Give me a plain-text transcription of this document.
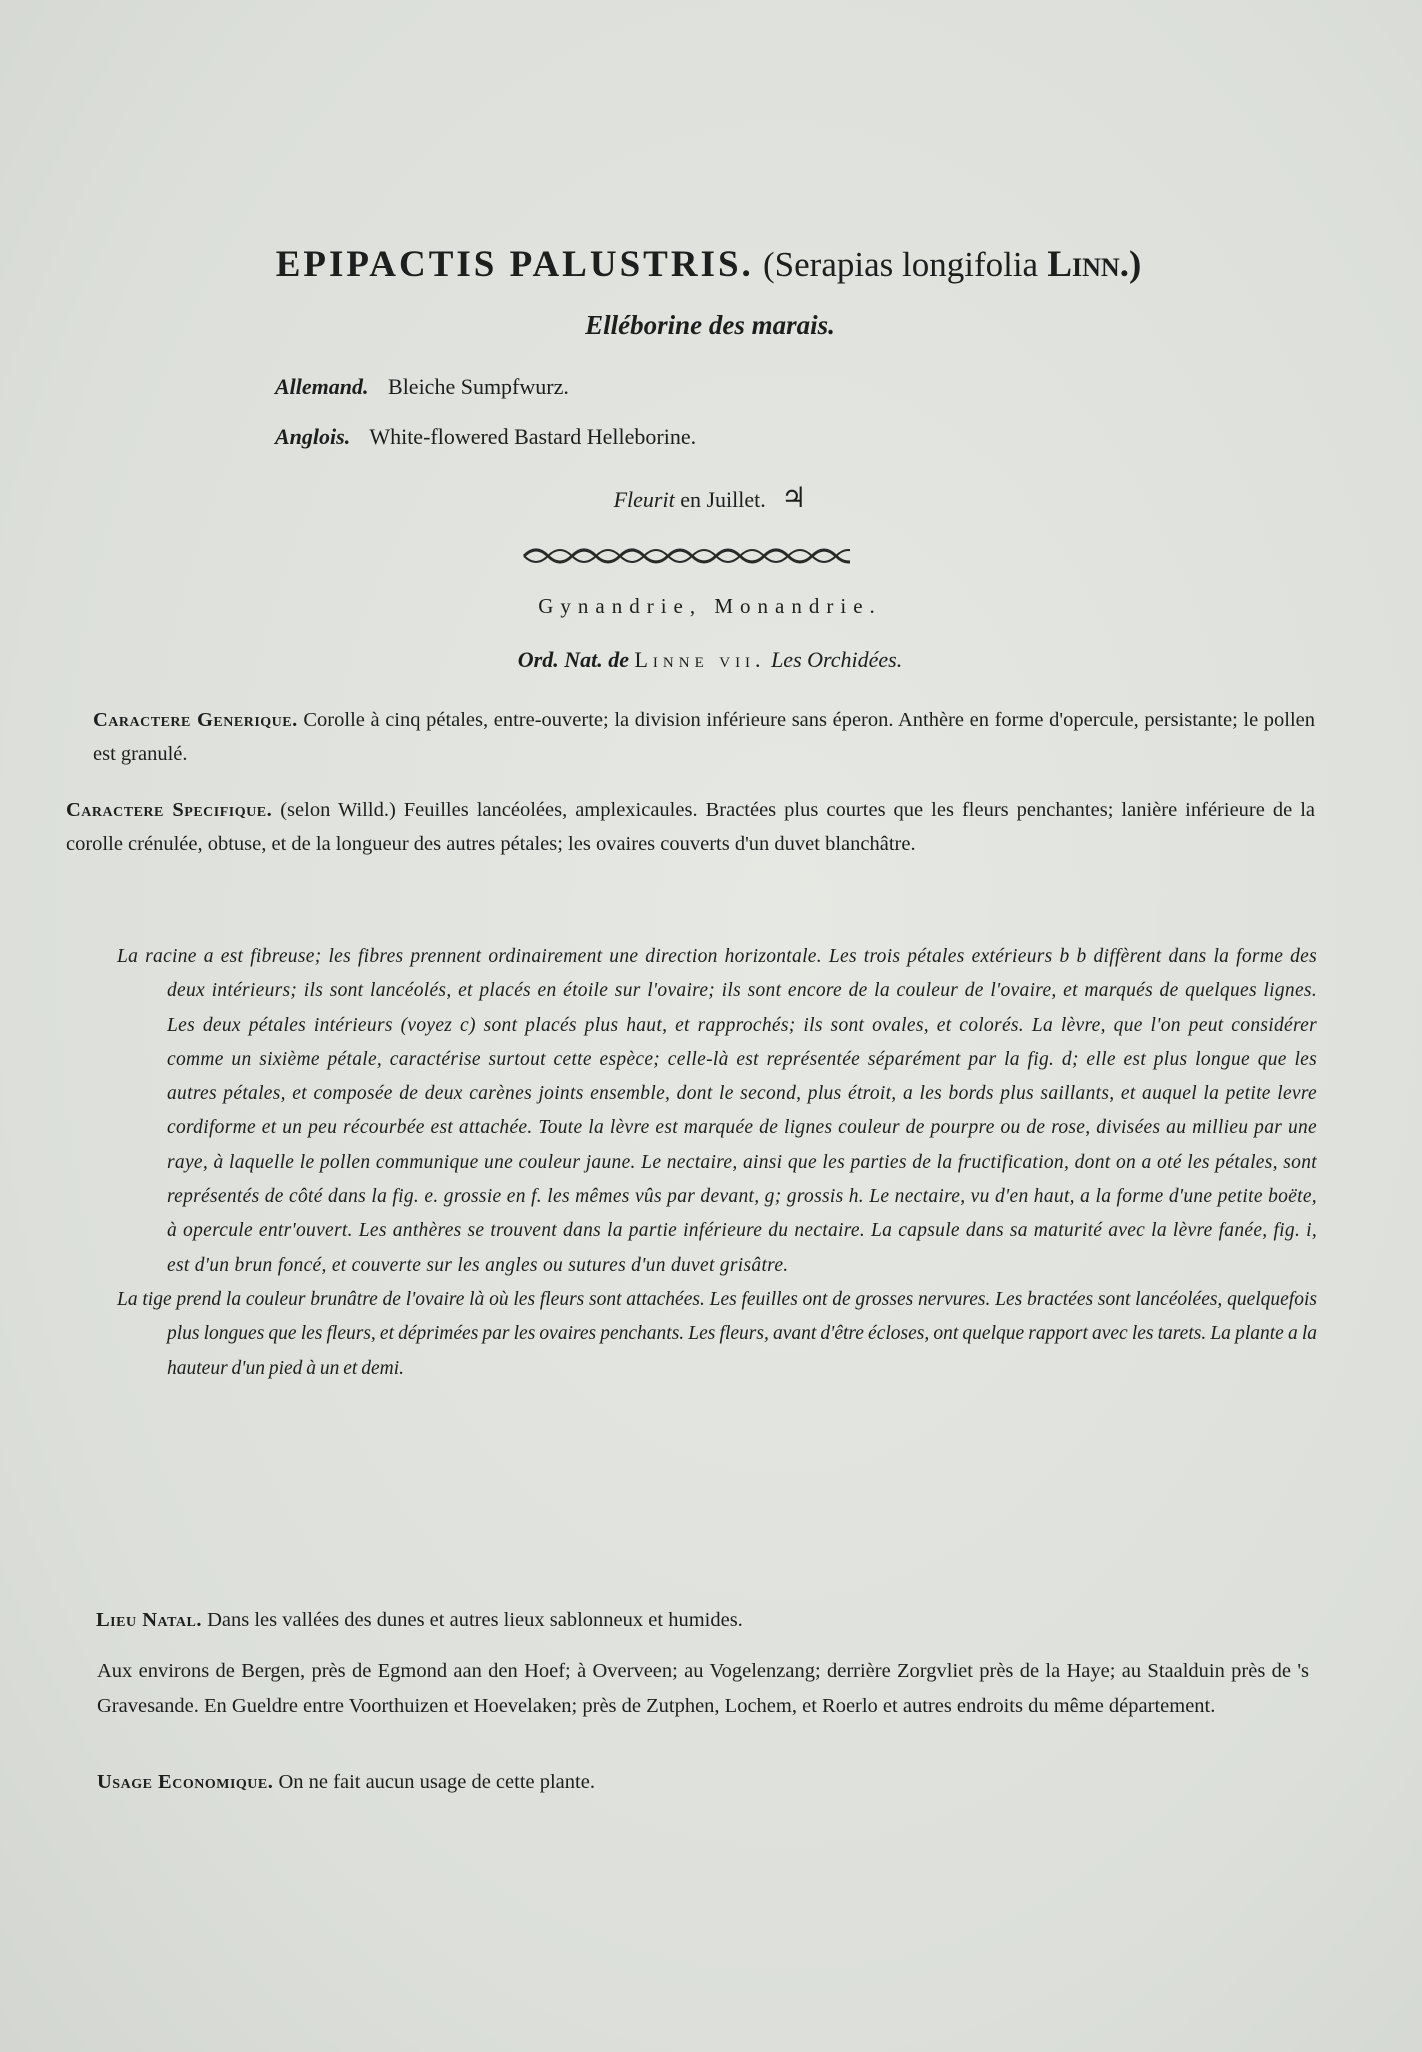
EPIPACTIS PALUSTRIS. (Serapias longifolia Linn.)
Elléborine des marais.
Allemand. Bleiche Sumpfwurz.
Anglois. White-flowered Bastard Helleborine.
Fleurit en Juillet. ♃
Gynandrie, Monandrie.
Ord. Nat. de Linne vii. Les Orchidées.
Caractere Generique. Corolle à cinq pétales, entre-ouverte; la division inférieure sans éperon. Anthère en forme d'opercule, persistante; le pollen est granulé.
Caractere Specifique. (selon Willd.) Feuilles lancéolées, amplexicaules. Bractées plus courtes que les fleurs penchantes; lanière inférieure de la corolle crénulée, obtuse, et de la longueur des autres pétales; les ovaires couverts d'un duvet blanchâtre.

La racine a est fibreuse; les fibres prennent ordinairement une direction horizontale. Les trois pétales extérieurs b b diffèrent dans la forme des deux intérieurs; ils sont lancéolés, et placés en étoile sur l'ovaire; ils sont encore de la couleur de l'ovaire, et marqués de quelques lignes. Les deux pétales intérieurs (voyez c) sont placés plus haut, et rapprochés; ils sont ovales, et colorés. La lèvre, que l'on peut considérer comme un sixième pétale, caractérise surtout cette espèce; celle-là est représentée séparément par la fig. d; elle est plus longue que les autres pétales, et composée de deux carènes joints ensemble, dont le second, plus étroit, a les bords plus saillants, et auquel la petite levre cordiforme et un peu récourbée est attachée. Toute la lèvre est marquée de lignes couleur de pourpre ou de rose, divisées au millieu par une raye, à laquelle le pollen communique une couleur jaune. Le nectaire, ainsi que les parties de la fructification, dont on a oté les pétales, sont représentés de côté dans la fig. e. grossie en f. les mêmes vûs par devant, g; grossis h. Le nectaire, vu d'en haut, a la forme d'une petite boëte, à opercule entr'ouvert. Les anthères se trouvent dans la partie inférieure du nectaire. La capsule dans sa maturité avec la lèvre fanée, fig. i, est d'un brun foncé, et couverte sur les angles ou sutures d'un duvet grisâtre.

La tige prend la couleur brunâtre de l'ovaire là où les fleurs sont attachées. Les feuilles ont de grosses nervures. Les bractées sont lancéolées, quelquefois plus longues que les fleurs, et déprimées par les ovaires penchants. Les fleurs, avant d'être écloses, ont quelque rapport avec les tarets. La plante a la hauteur d'un pied à un et demi.

Lieu Natal. Dans les vallées des dunes et autres lieux sablonneux et humides.
Aux environs de Bergen, près de Egmond aan den Hoef; à Overveen; au Vogelenzang; derrière Zorgvliet près de la Haye; au Staalduin près de 's Gravesande. En Gueldre entre Voorthuizen et Hoevelaken; près de Zutphen, Lochem, et Roerlo et autres endroits du même département.
Usage Economique. On ne fait aucun usage de cette plante.
